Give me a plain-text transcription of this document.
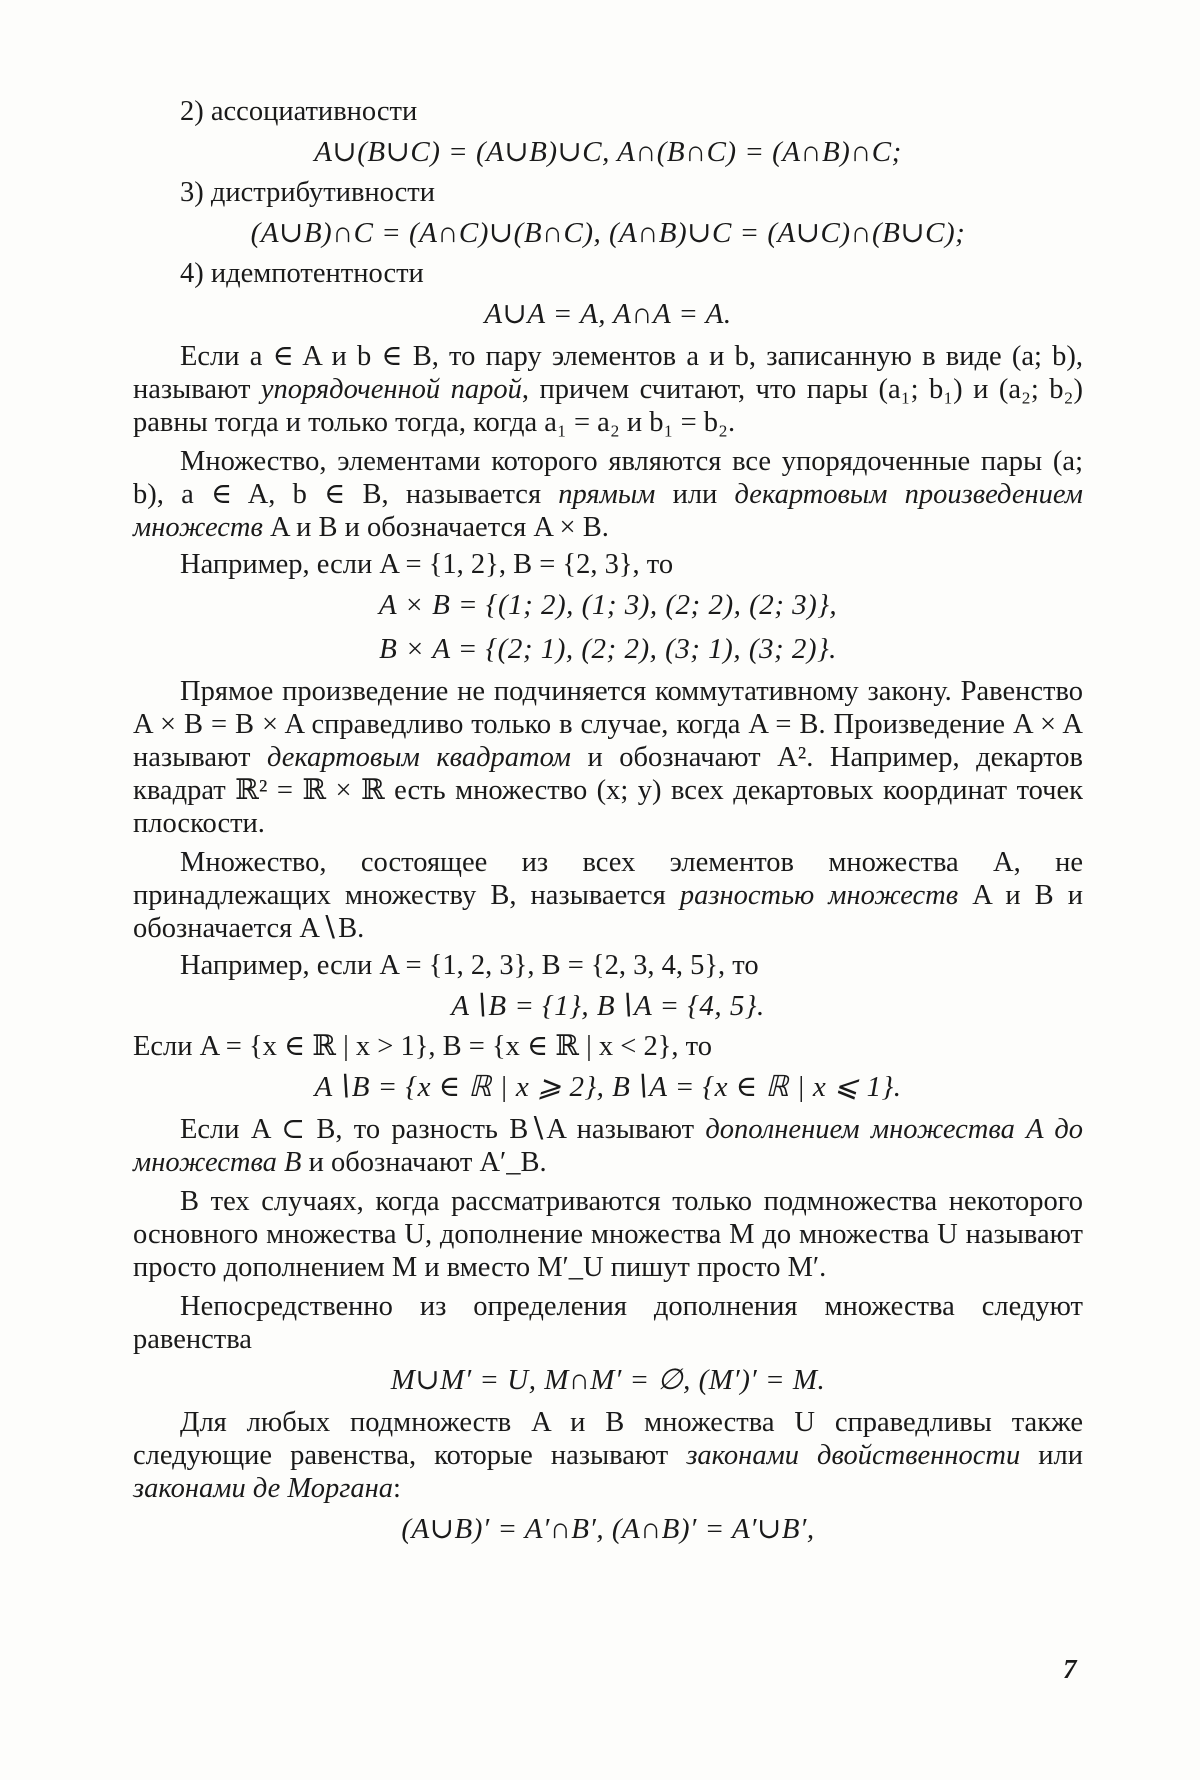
2) ассоциативности
A∪(B∪C) = (A∪B)∪C, A∩(B∩C) = (A∩B)∩C;
3) дистрибутивности
(A∪B)∩C = (A∩C)∪(B∩C), (A∩B)∪C = (A∪C)∩(B∪C);
4) идемпотентности
A∪A = A, A∩A = A.

Если a ∈ A и b ∈ B, то пару элементов a и b, записанную в виде (a; b), называют упорядоченной парой, причем считают, что пары (a₁; b₁) и (a₂; b₂) равны тогда и только тогда, когда a₁ = a₂ и b₁ = b₂.

Множество, элементами которого являются все упорядоченные пары (a; b), a ∈ A, b ∈ B, называется прямым или декартовым произведением множеств A и B и обозначается A × B.

Например, если A = {1, 2}, B = {2, 3}, то
A × B = {(1; 2), (1; 3), (2; 2), (2; 3)},
B × A = {(2; 1), (2; 2), (3; 1), (3; 2)}.

Прямое произведение не подчиняется коммутативному закону. Равенство A × B = B × A справедливо только в случае, когда A = B. Произведение A × A называют декартовым квадратом и обозначают A². Например, декартов квадрат ℝ² = ℝ × ℝ есть множество (x; y) всех декартовых координат точек плоскости.

Множество, состоящее из всех элементов множества A, не принадлежащих множеству B, называется разностью множеств A и B и обозначается A∖B.

Например, если A = {1, 2, 3}, B = {2, 3, 4, 5}, то
A∖B = {1}, B∖A = {4, 5}.
Если A = {x ∈ ℝ | x > 1}, B = {x ∈ ℝ | x < 2}, то
A∖B = {x ∈ ℝ | x ⩾ 2}, B∖A = {x ∈ ℝ | x ⩽ 1}.

Если A ⊂ B, то разность B∖A называют дополнением множества A до множества B и обозначают A′_B.

В тех случаях, когда рассматриваются только подмножества некоторого основного множества U, дополнение множества M до множества U называют просто дополнением M и вместо M′_U пишут просто M′.

Непосредственно из определения дополнения множества следуют равенства

M∪M′ = U, M∩M′ = ∅, (M′)′ = M.

Для любых подмножеств A и B множества U справедливы также следующие равенства, которые называют законами двойственности или законами де Моргана:

(A∪B)′ = A′∩B′, (A∩B)′ = A′∪B′,
7
